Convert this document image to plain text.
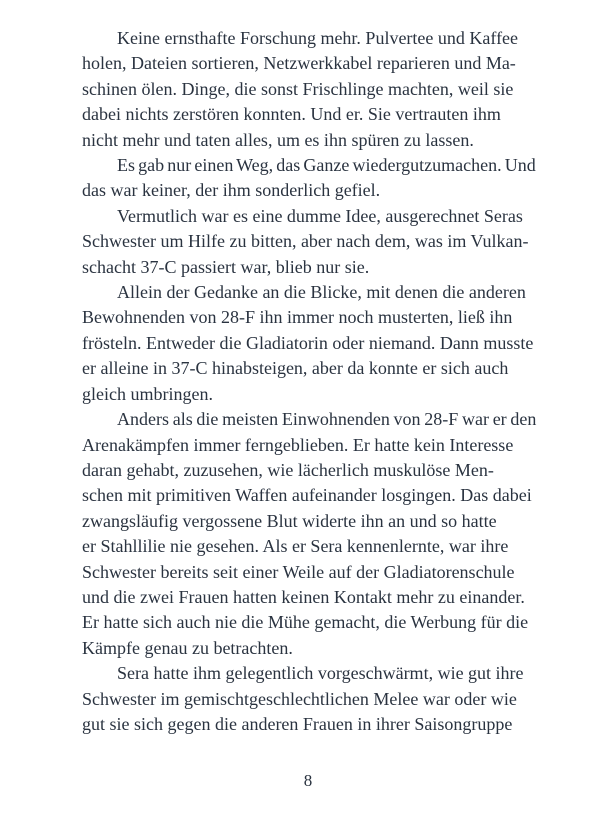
Keine ernsthafte Forschung mehr. Pulvertee und Kaffee
holen, Dateien sortieren, Netzwerkkabel reparieren und Ma-
schinen ölen. Dinge, die sonst Frischlinge machten, weil sie
dabei nichts zerstören konnten. Und er. Sie vertrauten ihm
nicht mehr und taten alles, um es ihn spüren zu lassen.
Es gab nur einen Weg, das Ganze wiedergutzumachen. Und
das war keiner, der ihm sonderlich gefiel.
Vermutlich war es eine dumme Idee, ausgerechnet Seras
Schwester um Hilfe zu bitten, aber nach dem, was im Vulkan-
schacht 37-C passiert war, blieb nur sie.
Allein der Gedanke an die Blicke, mit denen die anderen
Bewohnenden von 28-F ihn immer noch musterten, ließ ihn
frösteln. Entweder die Gladiatorin oder niemand. Dann musste
er alleine in 37-C hinabsteigen, aber da konnte er sich auch
gleich umbringen.
Anders als die meisten Einwohnenden von 28-F war er den
Arenakämpfen immer ferngeblieben. Er hatte kein Interesse
daran gehabt, zuzusehen, wie lächerlich muskulöse Men-
schen mit primitiven Waffen aufeinander losgingen. Das dabei
zwangsläufig vergossene Blut widerte ihn an und so hatte
er Stahllilie nie gesehen. Als er Sera kennenlernte, war ihre
Schwester bereits seit einer Weile auf der Gladiatorenschule
und die zwei Frauen hatten keinen Kontakt mehr zu einander.
Er hatte sich auch nie die Mühe gemacht, die Werbung für die
Kämpfe genau zu betrachten.
Sera hatte ihm gelegentlich vorgeschwärmt, wie gut ihre
Schwester im gemischtgeschlechtlichen Melee war oder wie
gut sie sich gegen die anderen Frauen in ihrer Saisongruppe
8
